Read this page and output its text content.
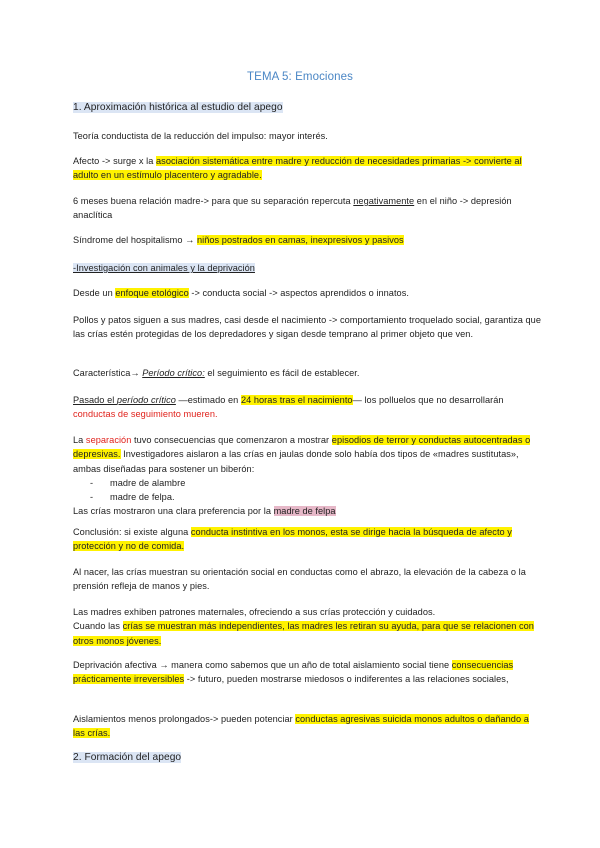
TEMA 5: Emociones
1. Aproximación histórica al estudio del apego
Teoría conductista de la reducción del impulso: mayor interés.
Afecto -> surge x la asociación sistemática entre madre y reducción de necesidades primarias -> convierte al adulto en un estímulo placentero y agradable.
6 meses buena relación madre-> para que su separación repercuta negativamente en el niño -> depresión anaclítica
Síndrome del hospitalismo → niños postrados en camas, inexpresivos y pasivos
-Investigación con animales y la deprivación
Desde un enfoque etológico -> conducta social -> aspectos aprendidos o innatos.
Pollos y patos siguen a sus madres, casi desde el nacimiento -> comportamiento troquelado social, garantiza que las crías estén protegidas de los depredadores y sigan desde temprano al primer objeto que ven.
Característica→ Período crítico: el seguimiento es fácil de establecer.
Pasado el período crítico —estimado en 24 horas tras el nacimiento— los polluelos que no desarrollarán conductas de seguimiento mueren.
La separación tuvo consecuencias que comenzaron a mostrar episodios de terror y conductas autocentradas o depresivas. Investigadores aislaron a las crías en jaulas donde solo había dos tipos de «madres sustitutas», ambas diseñadas para sostener un biberón:
- madre de alambre
- madre de felpa.
Las crías mostraron una clara preferencia por la madre de felpa
Conclusión: si existe alguna conducta instintiva en los monos, esta se dirige hacia la búsqueda de afecto y protección y no de comida.
Al nacer, las crías muestran su orientación social en conductas como el abrazo, la elevación de la cabeza o la prensión refleja de manos y pies.
Las madres exhiben patrones maternales, ofreciendo a sus crías protección y cuidados.
Cuando las crías se muestran más independientes, las madres les retiran su ayuda, para que se relacionen con otros monos jóvenes.
Deprivación afectiva → manera como sabemos que un año de total aislamiento social tiene consecuencias prácticamente irreversibles -> futuro, pueden mostrarse miedosos o indiferentes a las relaciones sociales,
Aislamientos menos prolongados-> pueden potenciar conductas agresivas suicida monos adultos o dañando a las crías.
2. Formación del apego
